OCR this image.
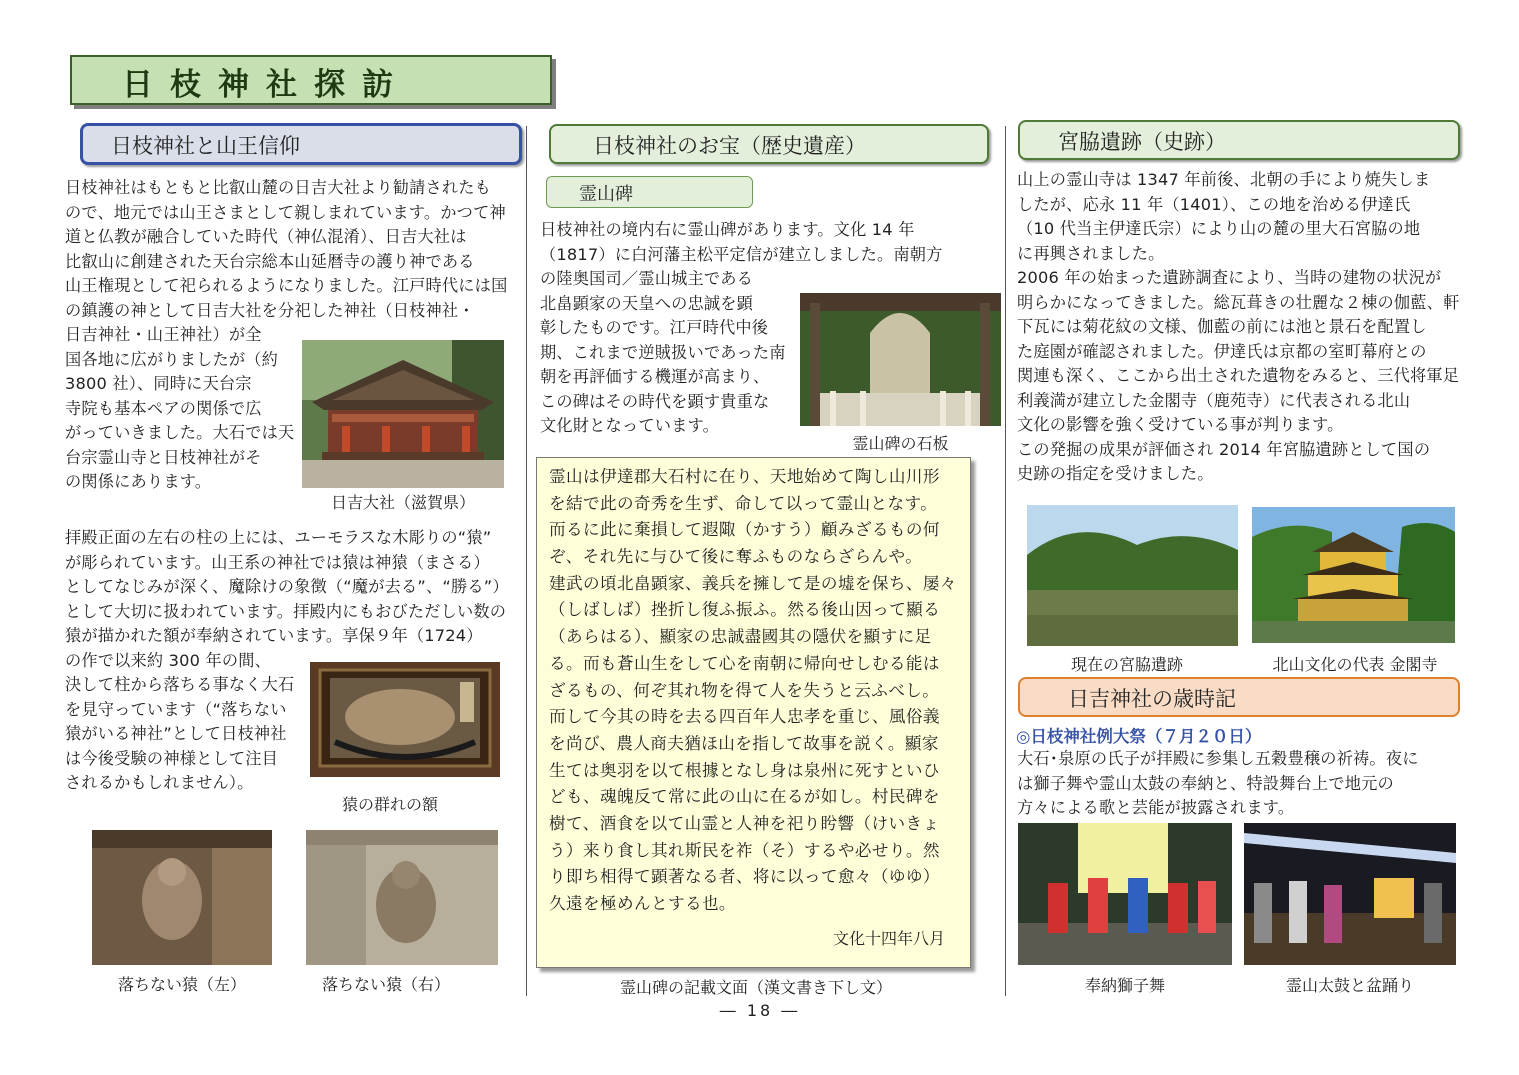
日枝神社探訪
日枝神社と山王信仰
日枝神社はもともと比叡山麓の日吉大社より勧請されたも
ので、地元では山王さまとして親しまれています。かつて神
道と仏教が融合していた時代（神仏混淆）、日吉大社は
比叡山に創建された天台宗総本山延暦寺の護り神である
山王権現として祀られるようになりました。江戸時代には国
の鎮護の神として日吉大社を分祀した神社（日枝神社・
日吉神社・山王神社）が全
国各地に広がりましたが（約
3800 社）、同時に天台宗
寺院も基本ペアの関係で広
がっていきました。大石では天
台宗霊山寺と日枝神社がそ
の関係にあります。
日吉大社（滋賀県）
拝殿正面の左右の柱の上には、ユーモラスな木彫りの“猿”
が彫られています。山王系の神社では猿は神猿（まさる）
としてなじみが深く、魔除けの象徴（“魔が去る”、“勝る”）
として大切に扱われています。拝殿内にもおびただしい数の
猿が描かれた額が奉納されています。享保９年（1724）
の作で以来約 300 年の間、
決して柱から落ちる事なく大石
を見守っています（“落ちない
猿がいる神社”として日枝神社
は今後受験の神様として注目
されるかもしれません）。
猿の群れの額
落ちない猿（左）	落ちない猿（右）
日枝神社のお宝（歴史遺産）
霊山碑
日枝神社の境内右に霊山碑があります。文化 14 年
（1817）に白河藩主松平定信が建立しました。南朝方
の陸奥国司／霊山城主である
北畠顕家の天皇への忠誠を顕
彰したものです。江戸時代中後
期、これまで逆賊扱いであった南
朝を再評価する機運が高まり、
この碑はその時代を顕す貴重な
文化財となっています。
霊山碑の石板
霊山は伊達郡大石村に在り、天地始めて陶し山川形
を結で此の奇秀を生ず、命して以って霊山となす。
而るに此に棄損して遐陬（かすう）顧みざるもの何
ぞ、それ先に与ひて後に奪ふものならざらんや。
建武の頃北畠顕家、義兵を擁して是の墟を保ち、屡々
（しばしば）挫折し復ふ振ふ。然る後山因って顯る
（あらはる）、顯家の忠誠盡國其の隱伏を顯すに足
る。而も蒼山生をして心を南朝に帰向せしむる能は
ざるもの、何ぞ其れ物を得て人を失うと云ふべし。
而して今其の時を去る四百年人忠孝を重じ、風俗義
を尚び、農人商夫猶ほ山を指して故事を説く。顯家
生ては奥羽を以て根據となし身は泉州に死すといひ
ども、魂魄反て常に此の山に在るが如し。村民碑を
樹て、酒食を以て山霊と人神を祀り盻響（けいきょ
う）来り食し其れ斯民を祚（そ）するや必せり。然
り即ち相得て顕著なる者、将に以って愈々（ゆゆ）
久遠を極めんとする也。
文化十四年八月
霊山碑の記載文面（漢文書き下し文）
宮脇遺跡（史跡）
山上の霊山寺は 1347 年前後、北朝の手により焼失しま
したが、応永 11 年（1401）、この地を治める伊達氏
（10 代当主伊達氏宗）により山の麓の里大石宮脇の地
に再興されました。
2006 年の始まった遺跡調査により、当時の建物の状況が
明らかになってきました。総瓦葺きの壮麗な２棟の伽藍、軒
下瓦には菊花紋の文様、伽藍の前には池と景石を配置し
た庭園が確認されました。伊達氏は京都の室町幕府との
関連も深く、ここから出土された遺物をみると、三代将軍足
利義満が建立した金閣寺（鹿苑寺）に代表される北山
文化の影響を強く受けている事が判ります。
この発掘の成果が評価され 2014 年宮脇遺跡として国の
史跡の指定を受けました。
現在の宮脇遺跡	北山文化の代表 金閣寺
日吉神社の歳時記
◎日枝神社例大祭（７月２０日）
大石･泉原の氏子が拝殿に参集し五穀豊穣の祈祷。夜に
は獅子舞や霊山太鼓の奉納と、特設舞台上で地元の
方々による歌と芸能が披露されます。
奉納獅子舞	霊山太鼓と盆踊り
― 18 ―
